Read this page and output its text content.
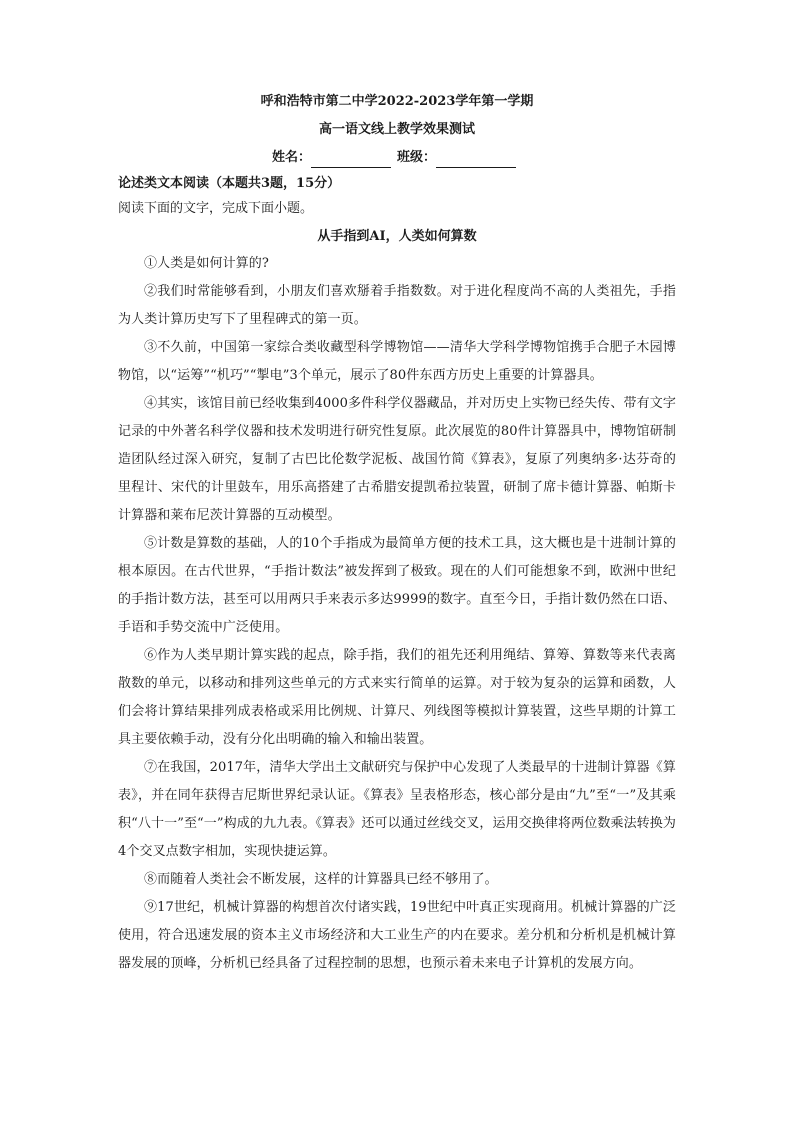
呼和浩特市第二中学2022-2023学年第一学期
高一语文线上教学效果测试
姓名：	班级：
论述类文本阅读（本题共3题，15分）
阅读下面的文字，完成下面小题。
从手指到AI，人类如何算数

①人类是如何计算的?

②我们时常能够看到，小朋友们喜欢掰着手指数数。对于进化程度尚不高的人类祖先，手指为人类计算历史写下了里程碑式的第一页。

③不久前，中国第一家综合类收藏型科学博物馆——清华大学科学博物馆携手合肥子木园博物馆，以“运筹”“机巧”“掣电”3个单元，展示了80件东西方历史上重要的计算器具。

④其实，该馆目前已经收集到4000多件科学仪器藏品，并对历史上实物已经失传、带有文字记录的中外著名科学仪器和技术发明进行研究性复原。此次展览的80件计算器具中，博物馆研制造团队经过深入研究，复制了古巴比伦数学泥板、战国竹简《算表》，复原了列奥纳多·达芬奇的里程计、宋代的计里鼓车，用乐高搭建了古希腊安提凯希拉装置，研制了席卡德计算器、帕斯卡计算器和莱布尼茨计算器的互动模型。

⑤计数是算数的基础，人的10个手指成为最简单方便的技术工具，这大概也是十进制计算的根本原因。在古代世界，“手指计数法”被发挥到了极致。现在的人们可能想象不到，欧洲中世纪的手指计数方法，甚至可以用两只手来表示多达9999的数字。直至今日，手指计数仍然在口语、手语和手势交流中广泛使用。

⑥作为人类早期计算实践的起点，除手指，我们的祖先还利用绳结、算筹、算数等来代表离散数的单元，以移动和排列这些单元的方式来实行简单的运算。对于较为复杂的运算和函数，人们会将计算结果排列成表格或采用比例规、计算尺、列线图等模拟计算装置，这些早期的计算工具主要依赖手动，没有分化出明确的输入和输出装置。

⑦在我国，2017年，清华大学出土文献研究与保护中心发现了人类最早的十进制计算器《算表》，并在同年获得吉尼斯世界纪录认证。《算表》呈表格形态，核心部分是由“九”至“一”及其乘积“八十一”至“一”构成的九九表。《算表》还可以通过丝线交叉，运用交换律将两位数乘法转换为4个交叉点数字相加，实现快捷运算。

⑧而随着人类社会不断发展，这样的计算器具已经不够用了。

⑨17世纪，机械计算器的构想首次付诸实践，19世纪中叶真正实现商用。机械计算器的广泛使用，符合迅速发展的资本主义市场经济和大工业生产的内在要求。差分机和分析机是机械计算器发展的顶峰，分析机已经具备了过程控制的思想，也预示着未来电子计算机的发展方向。
